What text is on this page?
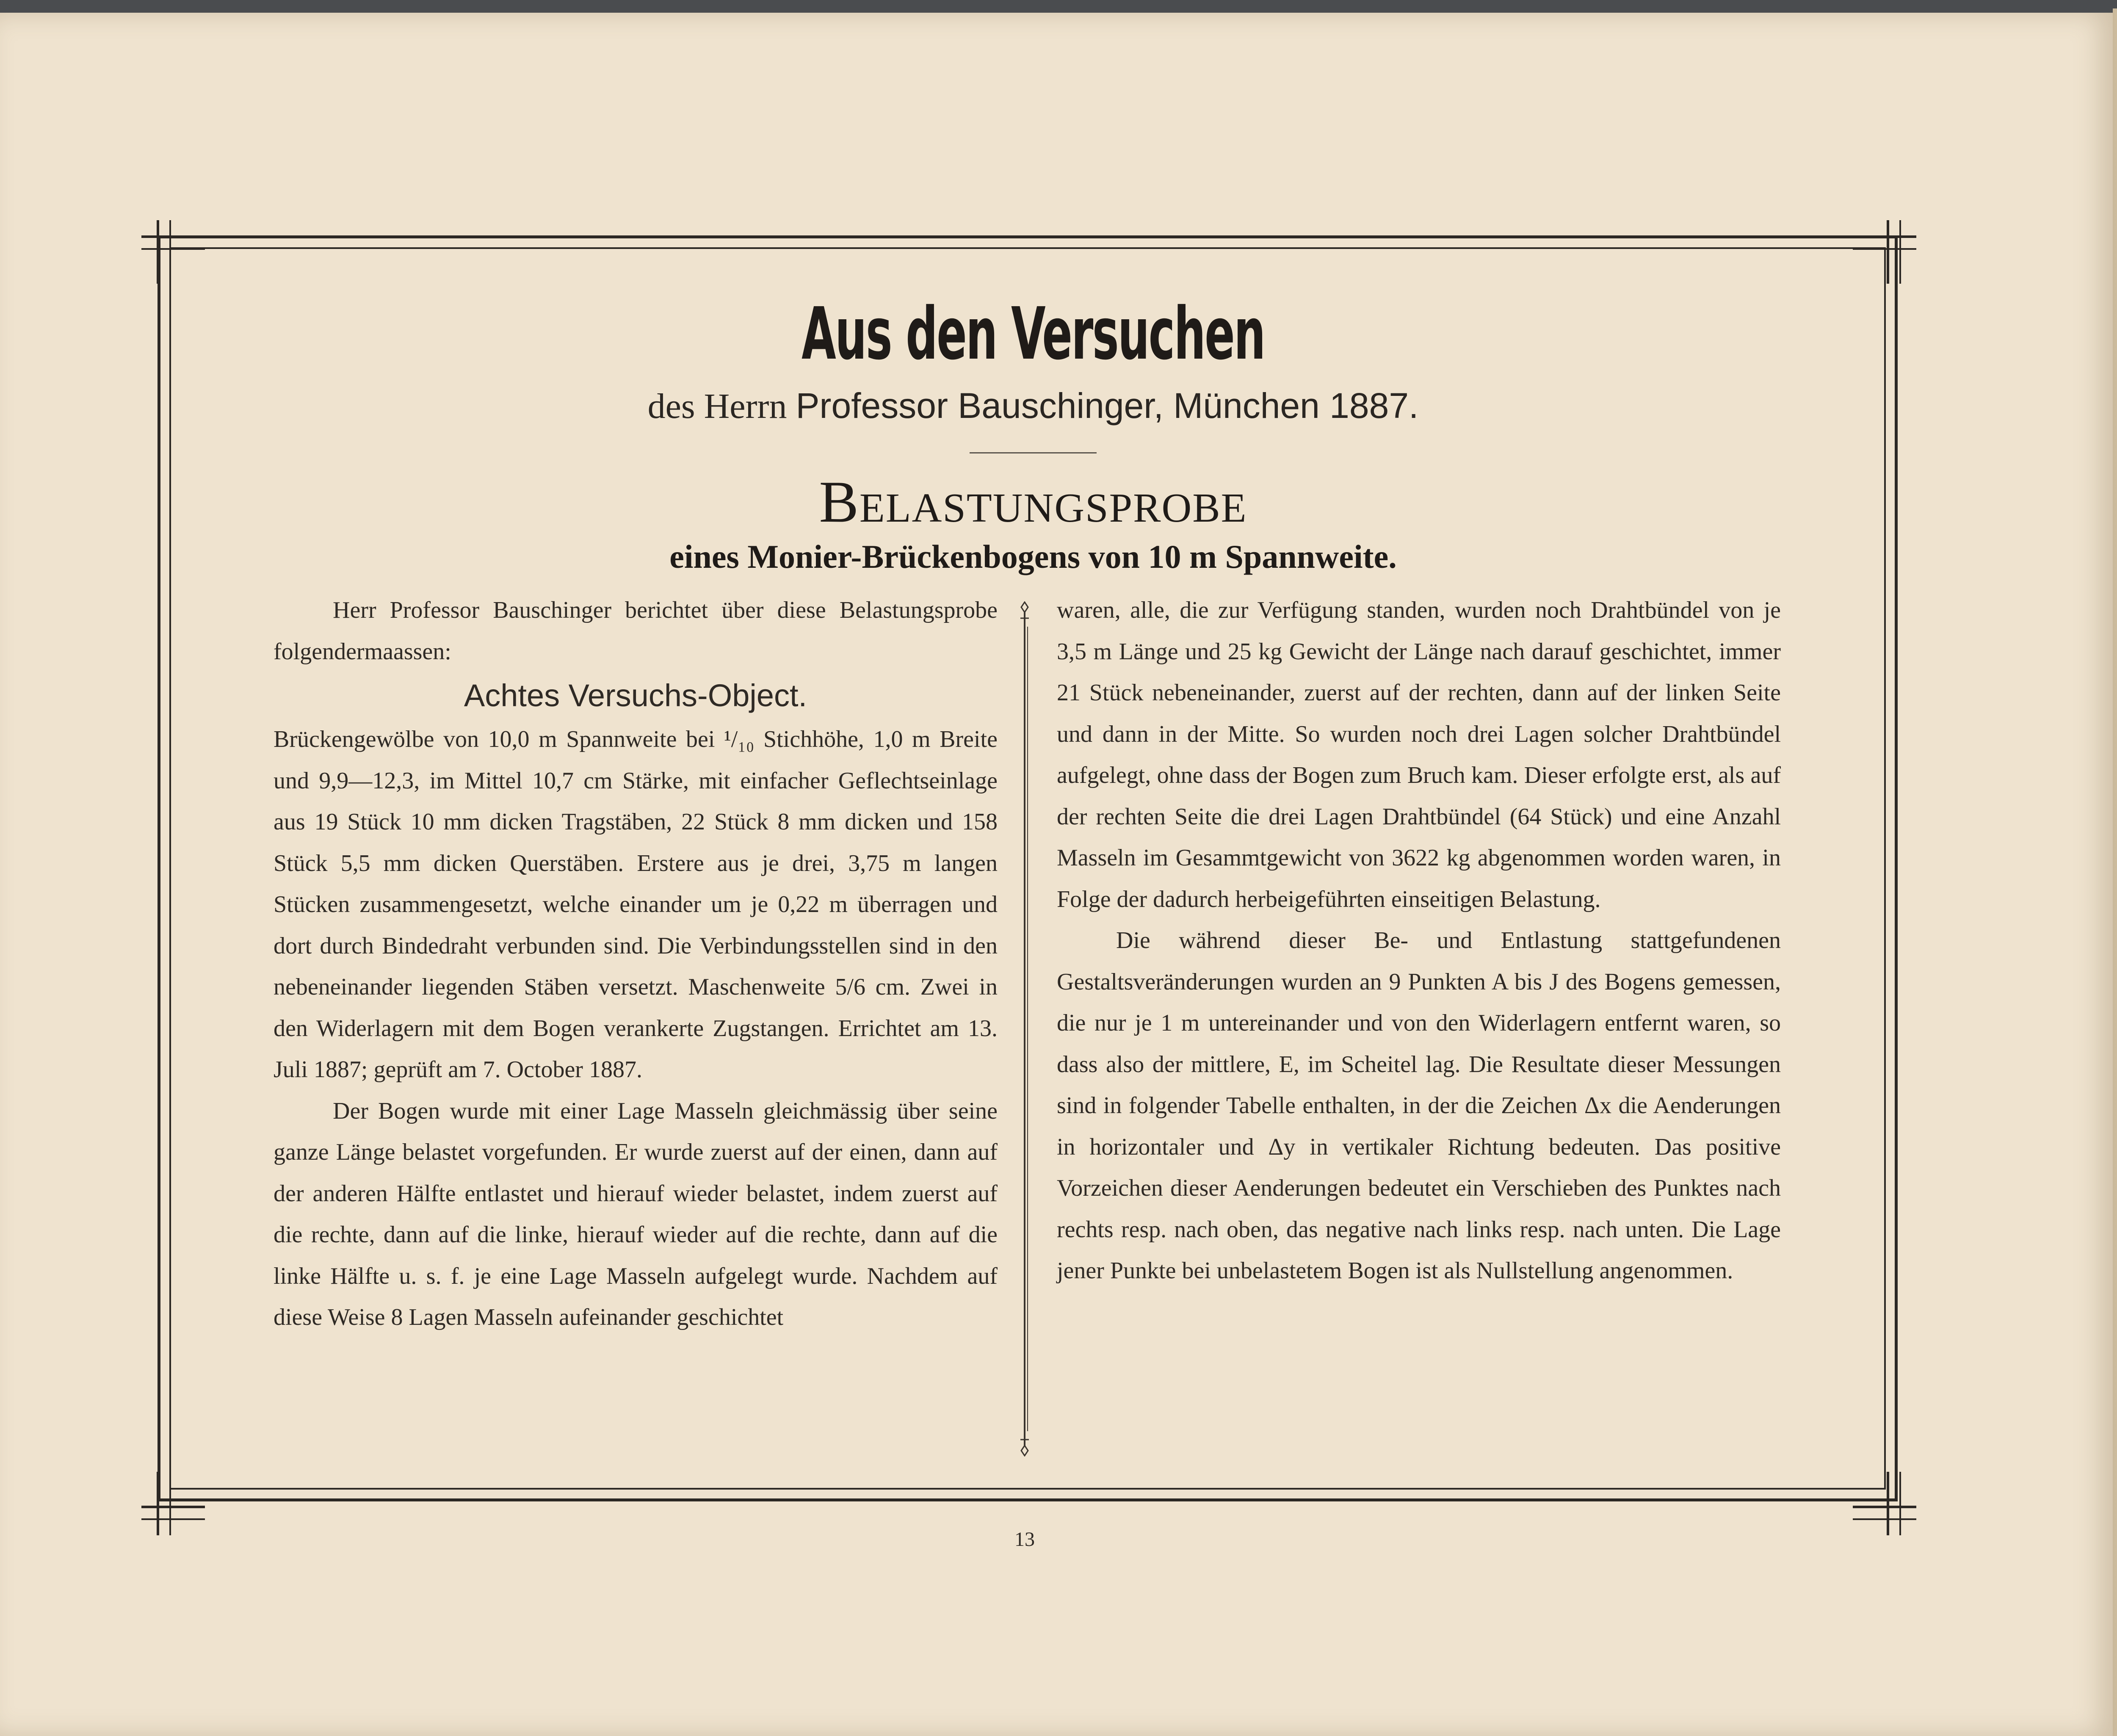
Aus den Versuchen
des Herrn Professor Bauschinger, München 1887.
Belastungsprobe
eines Monier-Brückenbogens von 10 m Spannweite.

Herr Professor Bauschinger berichtet über diese Belastungsprobe folgendermaassen:

Achtes Versuchs-Object.

Brückengewölbe von 10,0 m Spannweite bei ¹/₁₀ Stichhöhe, 1,0 m Breite und 9,9—12,3, im Mittel 10,7 cm Stärke, mit einfacher Geflechtseinlage aus 19 Stück 10 mm dicken Tragstäben, 22 Stück 8 mm dicken und 158 Stück 5,5 mm dicken Querstäben. Erstere aus je drei, 3,75 m langen Stücken zusammengesetzt, welche einander um je 0,22 m überragen und dort durch Bindedraht verbunden sind. Die Verbindungsstellen sind in den nebeneinander liegenden Stäben versetzt. Maschenweite 5/6 cm. Zwei in den Widerlagern mit dem Bogen verankerte Zugstangen. Errichtet am 13. Juli 1887; geprüft am 7. October 1887.

Der Bogen wurde mit einer Lage Masseln gleichmässig über seine ganze Länge belastet vorgefunden. Er wurde zuerst auf der einen, dann auf der anderen Hälfte entlastet und hierauf wieder belastet, indem zuerst auf die rechte, dann auf die linke, hierauf wieder auf die rechte, dann auf die linke Hälfte u. s. f. je eine Lage Masseln aufgelegt wurde. Nachdem auf diese Weise 8 Lagen Masseln aufeinander geschichtet

waren, alle, die zur Verfügung standen, wurden noch Drahtbündel von je 3,5 m Länge und 25 kg Gewicht der Länge nach darauf geschichtet, immer 21 Stück nebeneinander, zuerst auf der rechten, dann auf der linken Seite und dann in der Mitte. So wurden noch drei Lagen solcher Drahtbündel aufgelegt, ohne dass der Bogen zum Bruch kam. Dieser erfolgte erst, als auf der rechten Seite die drei Lagen Drahtbündel (64 Stück) und eine Anzahl Masseln im Gesammtgewicht von 3622 kg abgenommen worden waren, in Folge der dadurch herbeigeführten einseitigen Belastung.

Die während dieser Be- und Entlastung stattgefundenen Gestaltsveränderungen wurden an 9 Punkten A bis J des Bogens gemessen, die nur je 1 m untereinander und von den Widerlagern entfernt waren, so dass also der mittlere, E, im Scheitel lag. Die Resultate dieser Messungen sind in folgender Tabelle enthalten, in der die Zeichen Δx die Aenderungen in horizontaler und Δy in vertikaler Richtung bedeuten. Das positive Vorzeichen dieser Aenderungen bedeutet ein Verschieben des Punktes nach rechts resp. nach oben, das negative nach links resp. nach unten. Die Lage jener Punkte bei unbelastetem Bogen ist als Nullstellung angenommen.

13
